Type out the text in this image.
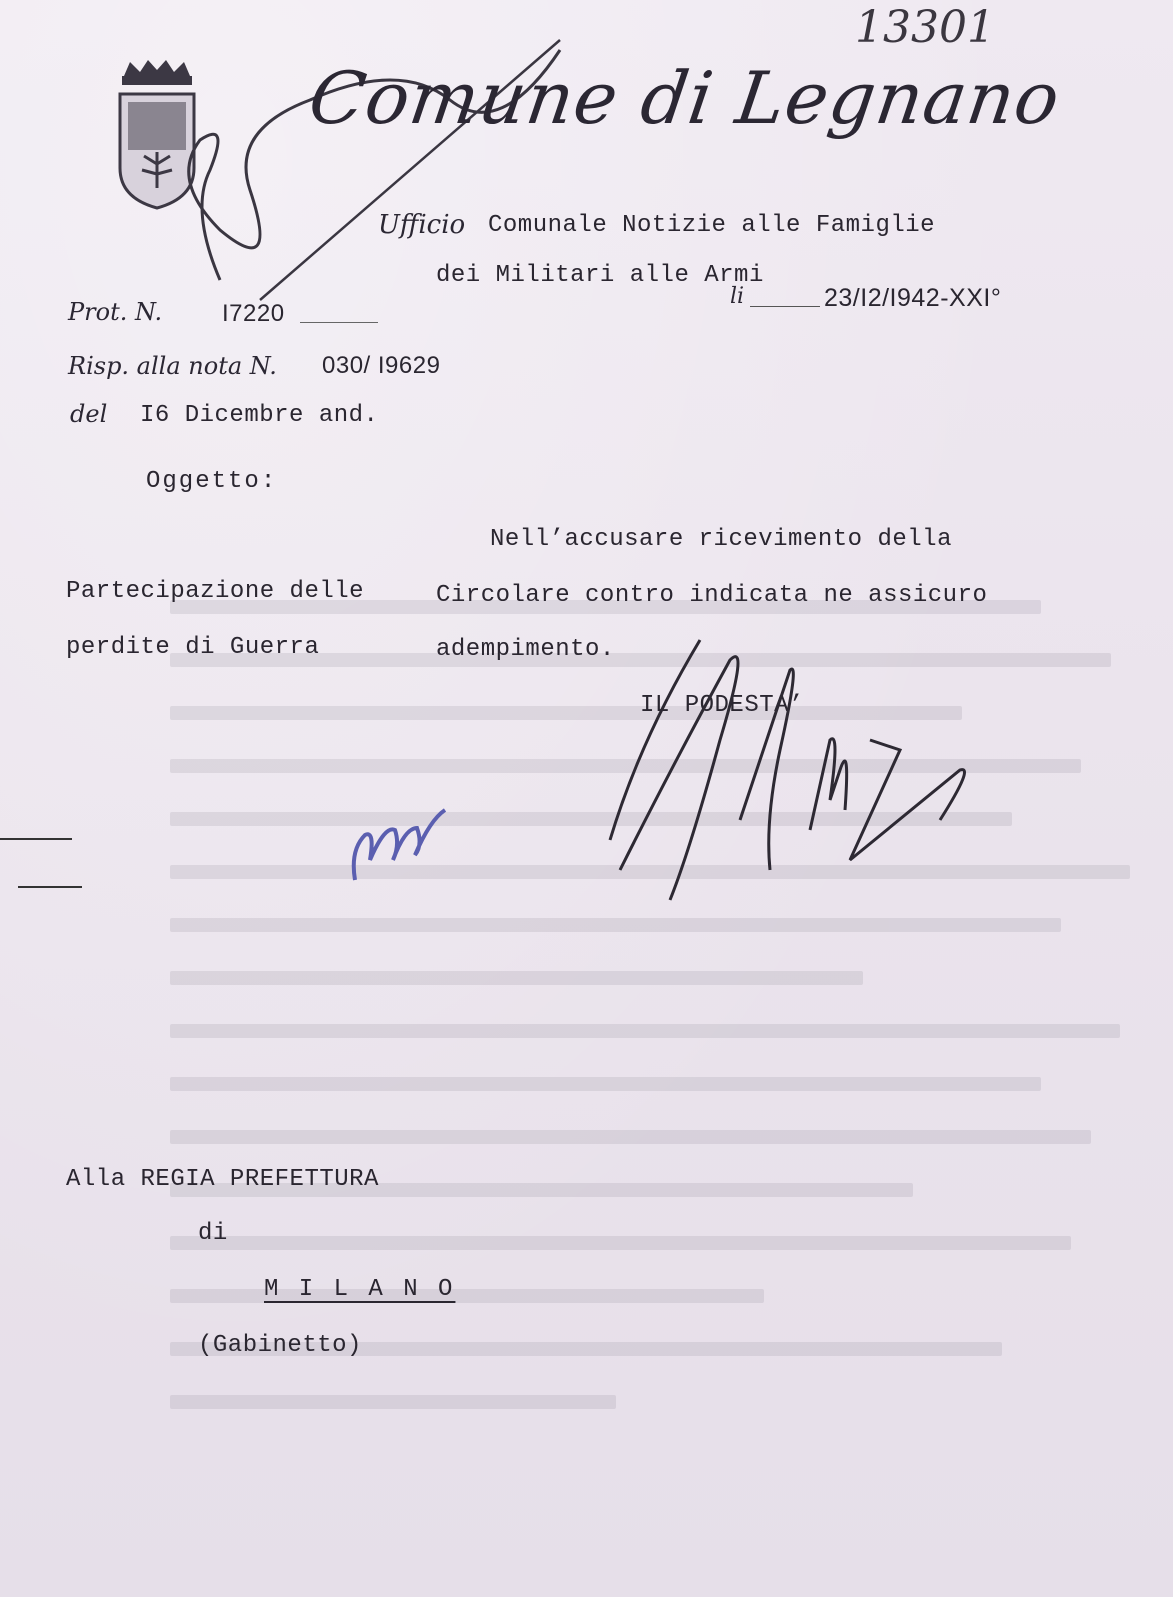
13301
Comune di Legnano
Ufficio Comunale Notizie alle Famiglie
dei Militari alle Armi
li	23/I2/I942-XXI°
Prot. N. I7220
Risp. alla nota N. 030/ I9629
del I6 Dicembre and.
Oggetto:
Partecipazione delle
perdite di Guerra
Nell’accusare ricevimento della
Circolare contro indicata ne assicuro
adempimento.
IL PODESTA’
Alla REGIA PREFETTURA
di
M I L A N O
(Gabinetto)
